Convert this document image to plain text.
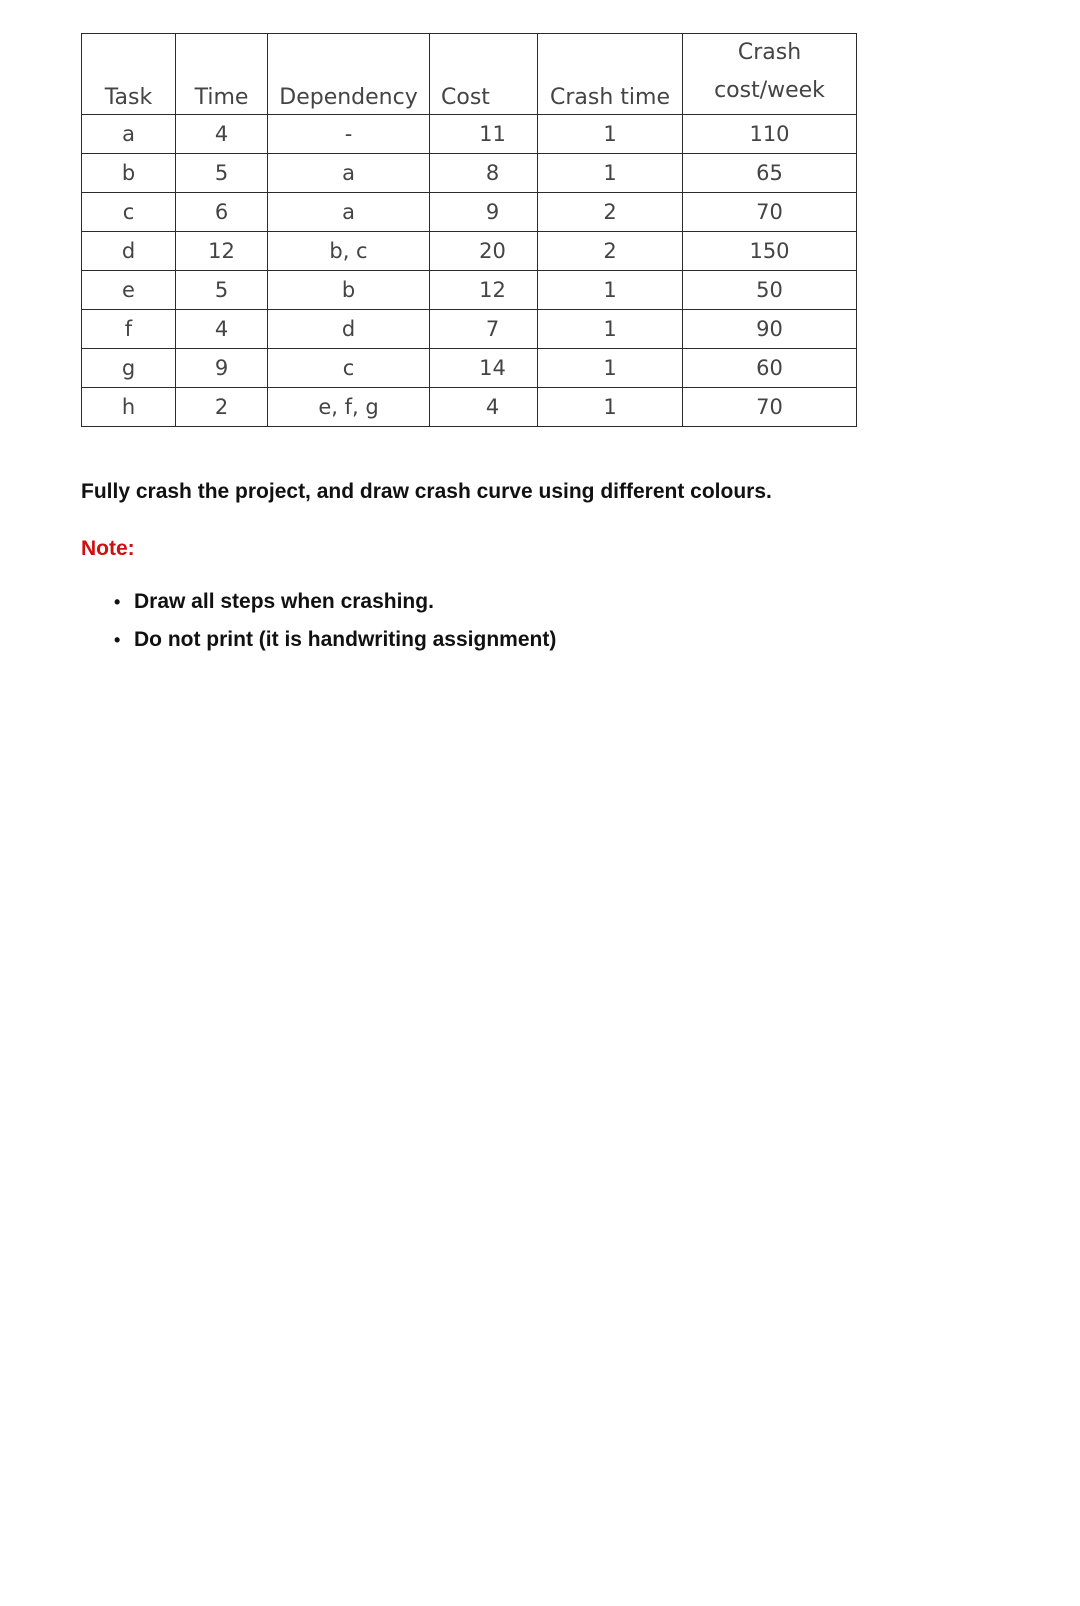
Task	Time	Dependency	Cost	Crash time	Crash
cost/week

a	4	-	11	1	110
b	5	a	8	1	65
c	6	a	9	2	70
d	12	b, c	20	2	150
e	5	b	12	1	50
f	4	d	7	1	90
g	9	c	14	1	60
h	2	e, f, g	4	1	70

Fully crash the project, and draw crash curve using different colours.

Note:

• Draw all steps when crashing.
• Do not print (it is handwriting assignment)
